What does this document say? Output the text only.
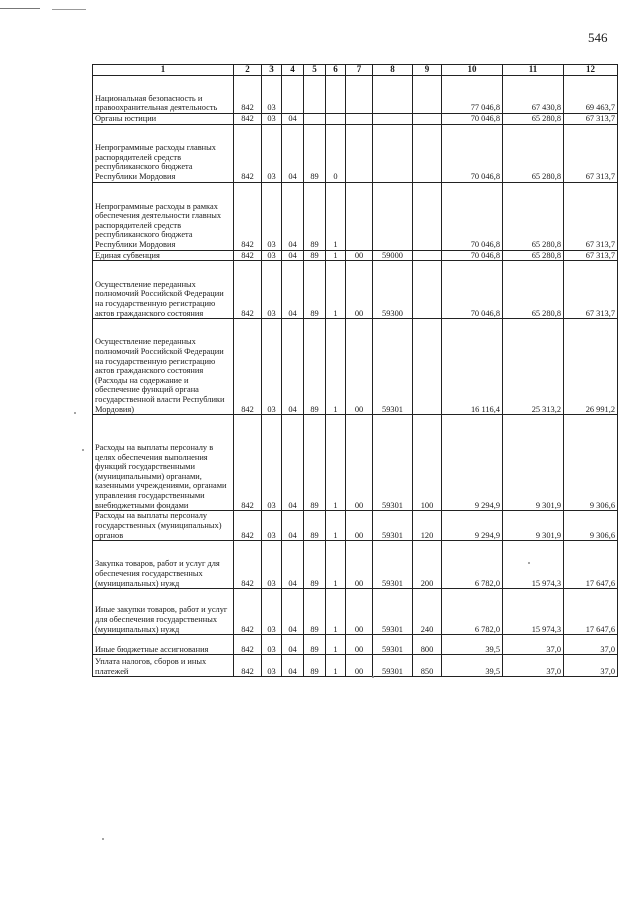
546
1	2	3	4	5	6	7	8	9	10	11	12
Национальная безопасность и правоохранительная деятельность	842	03							77 046,8	67 430,8	69 463,7
Органы юстиции	842	03	04						70 046,8	65 280,8	67 313,7
Непрограммные расходы главных распорядителей средств республиканского бюджета Республики Мордовия	842	03	04	89	0				70 046,8	65 280,8	67 313,7
Непрограммные расходы в рамках обеспечения деятельности главных распорядителей средств республиканского бюджета Республики Мордовия	842	03	04	89	1				70 046,8	65 280,8	67 313,7
Единая субвенция	842	03	04	89	1	00	59000		70 046,8	65 280,8	67 313,7
Осуществление переданных полномочий Российской Федерации на государственную регистрацию актов гражданского состояния	842	03	04	89	1	00	59300		70 046,8	65 280,8	67 313,7
Осуществление переданных полномочий Российской Федерации на государственную регистрацию актов гражданского состояния (Расходы на содержание и обеспечение функций органа государственной власти Республики Мордовия)	842	03	04	89	1	00	59301		16 116,4	25 313,2	26 991,2
Расходы на выплаты персоналу в целях обеспечения выполнения функций государственными (муниципальными) органами, казенными учреждениями, органами управления государственными внебюджетными фондами	842	03	04	89	1	00	59301	100	9 294,9	9 301,9	9 306,6
Расходы на выплаты персоналу государственных (муниципальных) органов	842	03	04	89	1	00	59301	120	9 294,9	9 301,9	9 306,6
Закупка товаров, работ и услуг для обеспечения государственных (муниципальных) нужд	842	03	04	89	1	00	59301	200	6 782,0	15 974,3	17 647,6
Иные закупки товаров, работ и услуг для обеспечения государственных (муниципальных) нужд	842	03	04	89	1	00	59301	240	6 782,0	15 974,3	17 647,6
Иные бюджетные ассигнования	842	03	04	89	1	00	59301	800	39,5	37,0	37,0
Уплата налогов, сборов и иных платежей	842	03	04	89	1	00	59301	850	39,5	37,0	37,0
